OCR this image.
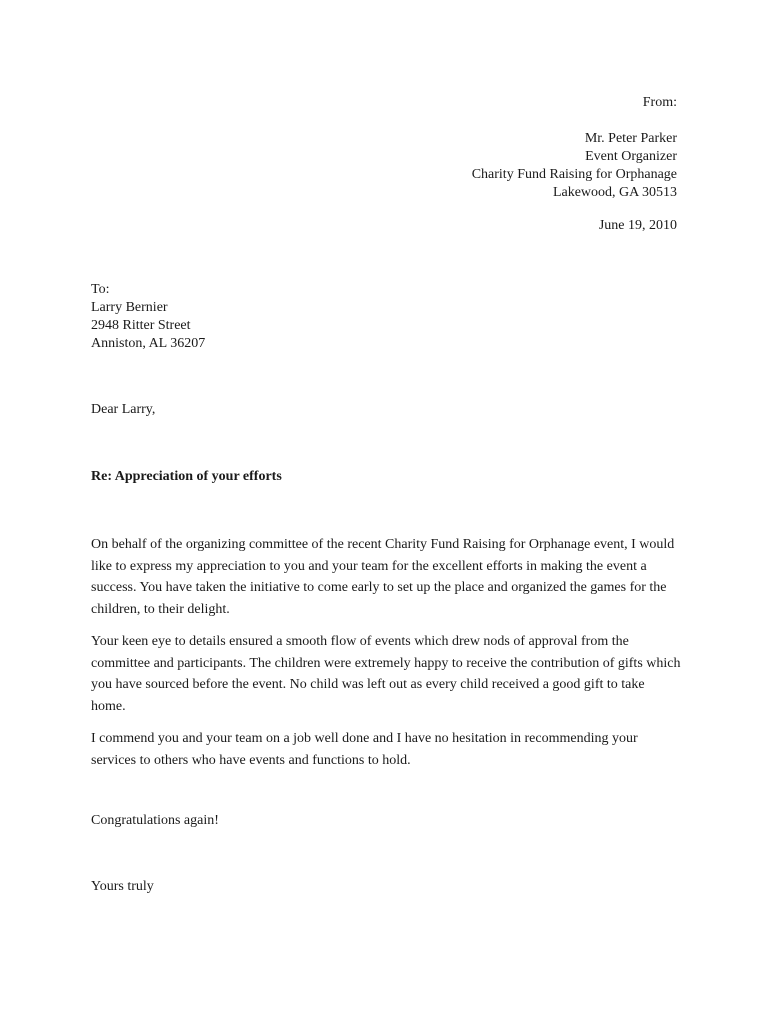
From:
Mr. Peter Parker
Event Organizer
Charity Fund Raising for Orphanage
Lakewood, GA 30513
June 19, 2010
To:
Larry Bernier
2948 Ritter Street
Anniston, AL 36207
Dear Larry,
Re: Appreciation of your efforts

On behalf of the organizing committee of the recent Charity Fund Raising for Orphanage event, I would like to express my appreciation to you and your team for the excellent efforts in making the event a success. You have taken the initiative to come early to set up the place and organized the games for the children, to their delight.

Your keen eye to details ensured a smooth flow of events which drew nods of approval from the committee and participants. The children were extremely happy to receive the contribution of gifts which you have sourced before the event. No child was left out as every child received a good gift to take home.

I commend you and your team on a job well done and I have no hesitation in recommending your services to others who have events and functions to hold.

Congratulations again!
Yours truly
